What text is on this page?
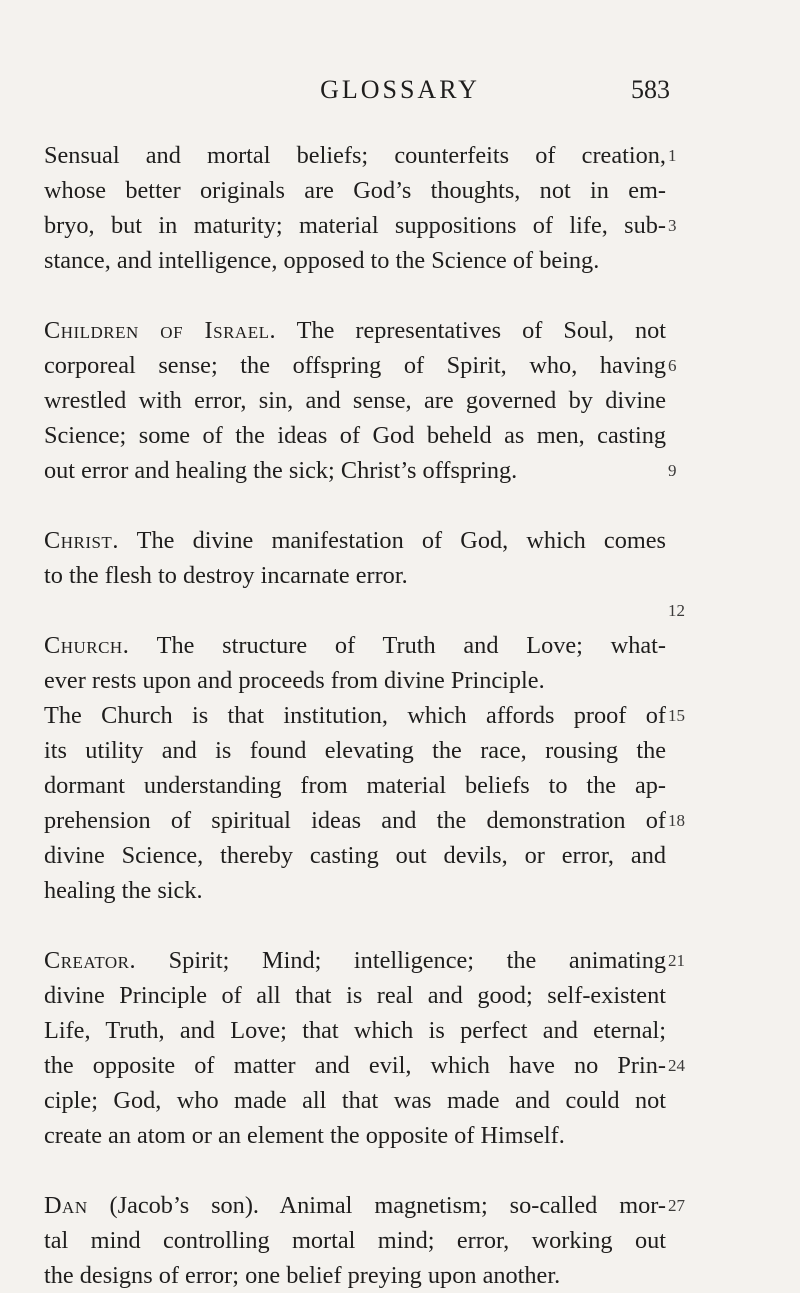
GLOSSARY	583
Sensual and mortal beliefs; counterfeits of creation,
whose better originals are God’s thoughts, not in em-
bryo, but in maturity; material suppositions of life, sub-
stance, and intelligence, opposed to the Science of being.
Children of Israel. The representatives of Soul, not
corporeal sense; the offspring of Spirit, who, having
wrestled with error, sin, and sense, are governed by divine
Science; some of the ideas of God beheld as men, casting
out error and healing the sick; Christ’s offspring.
Christ. The divine manifestation of God, which comes
to the flesh to destroy incarnate error.
Church. The structure of Truth and Love; what-
ever rests upon and proceeds from divine Principle.
The Church is that institution, which affords proof of
its utility and is found elevating the race, rousing the
dormant understanding from material beliefs to the ap-
prehension of spiritual ideas and the demonstration of
divine Science, thereby casting out devils, or error, and
healing the sick.
Creator. Spirit; Mind; intelligence; the animating
divine Principle of all that is real and good; self-existent
Life, Truth, and Love; that which is perfect and eternal;
the opposite of matter and evil, which have no Prin-
ciple; God, who made all that was made and could not
create an atom or an element the opposite of Himself.
Dan (Jacob’s son). Animal magnetism; so-called mor-
tal mind controlling mortal mind; error, working out
the designs of error; one belief preying upon another.
1
3
6
9
12
15
18
21
24
27
